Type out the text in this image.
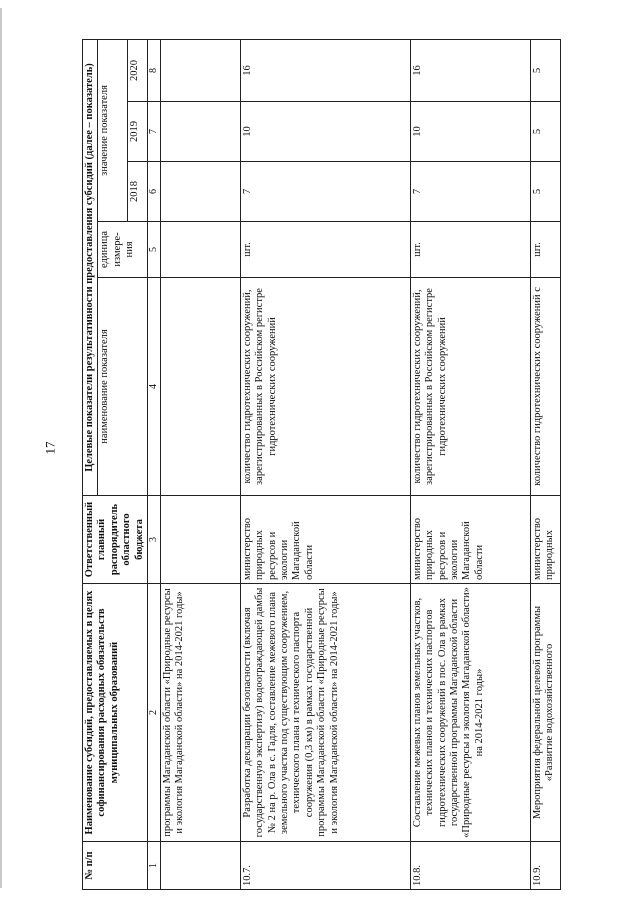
17
№ п/п	Наименование субсидий, предоставляемых в целях софинансирования расходных обязательств муниципальных образований	Ответственный главный распорядитель областного бюджета	Целевые показатели результативности предоставления субсидий (далее – показатель)				
			наименование показателя	единица измере-ния	значение показателя		
					2018	2019	2020
1	2	3	4	5	6	7	8
	программы Магаданской области «Природные ресурсы и экология Магаданской области» на 2014-2021 годы»						
10.7.	Разработка декларации безопасности (включая государственную экспертизу) водоограждающей дамбы № 2 на р. Ола в с. Гадля, составление межевого плана земельного участка под существующим сооружением, технического плана и технического паспорта сооружения (0,3 км) в рамках государственной программы Магаданской области «Природные ресурсы и экология Магаданской области» на 2014-2021 годы»	министерство природных ресурсов и экологии Магаданской области	количество гидротехнических сооружений, зарегистрированных в Российском регистре гидротехнических сооружений	шт.	7	10	16
10.8.	Составление межевых планов земельных участков, технических планов и технических паспортов гидротехнических сооружений в пос. Ола в рамках государственной программы Магаданской области «Природные ресурсы и экология Магаданской области» на 2014-2021 годы»	министерство природных ресурсов и экологии Магаданской области	количество гидротехнических сооружений, зарегистрированных в Российском регистре гидротехнических сооружений	шт.	7	10	16
10.9.	Мероприятия федеральной целевой программы «Развитие водохозяйственного	министерство природных	количество гидротехнических сооружений с	шт.	5	5	5
